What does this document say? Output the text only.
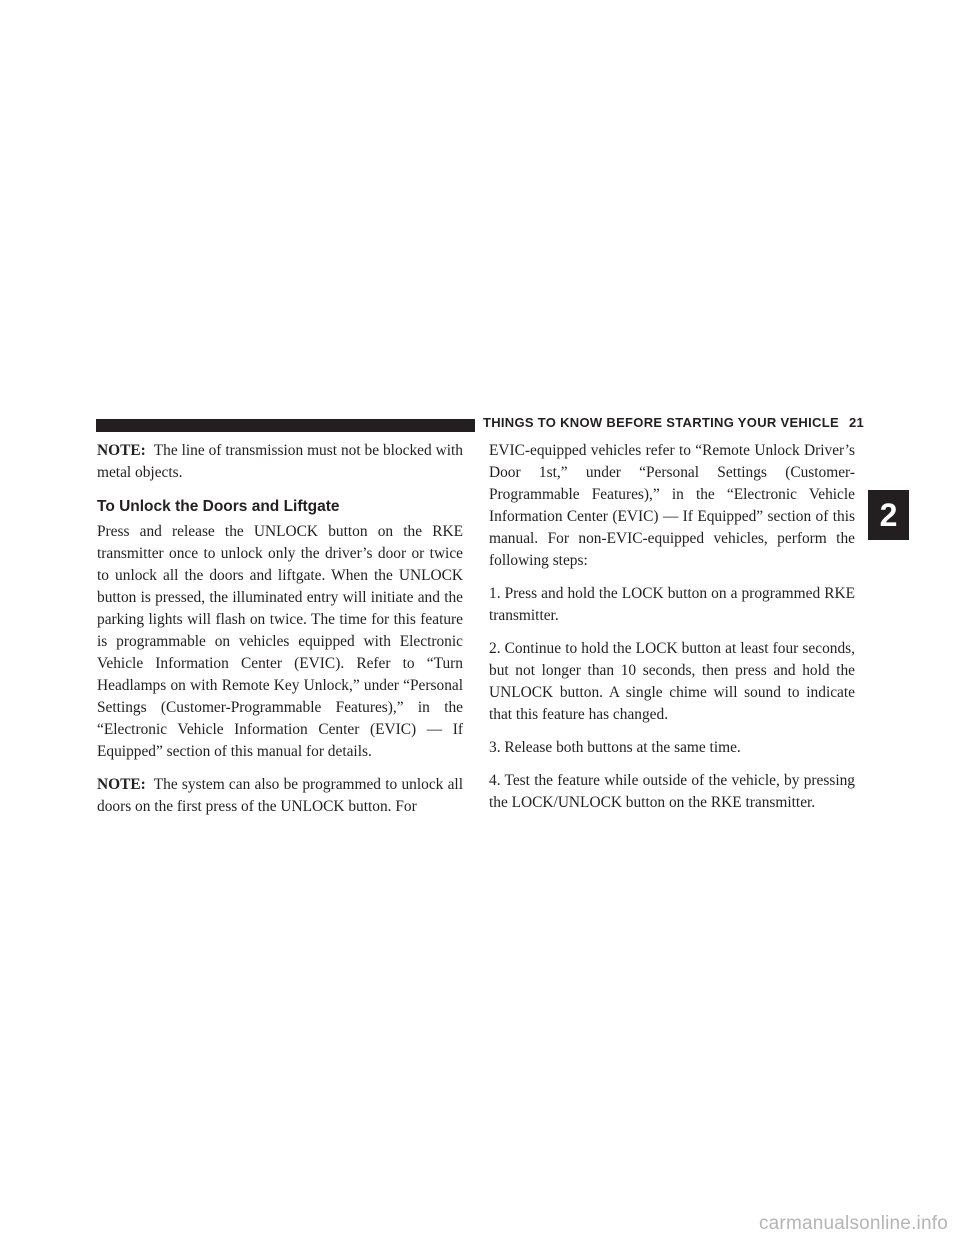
THINGS TO KNOW BEFORE STARTING YOUR VEHICLE 21
2

NOTE: The line of transmission must not be blocked with metal objects.

To Unlock the Doors and Liftgate

Press and release the UNLOCK button on the RKE transmitter once to unlock only the driver’s door or twice to unlock all the doors and liftgate. When the UNLOCK button is pressed, the illuminated entry will initiate and the parking lights will flash on twice. The time for this feature is programmable on vehicles equipped with Electronic Vehicle Information Center (EVIC). Refer to “Turn Headlamps on with Remote Key Unlock,” under “Personal Settings (Customer-Programmable Features),” in the “Electronic Vehicle Information Center (EVIC) — If Equipped” section of this manual for details.

NOTE: The system can also be programmed to unlock all doors on the first press of the UNLOCK button. For

EVIC-equipped vehicles refer to “Remote Unlock Driver’s Door 1st,” under “Personal Settings (Customer-Programmable Features),” in the “Electronic Vehicle Information Center (EVIC) — If Equipped” section of this manual. For non-EVIC-equipped vehicles, perform the following steps:

1. Press and hold the LOCK button on a programmed RKE transmitter.

2. Continue to hold the LOCK button at least four seconds, but not longer than 10 seconds, then press and hold the UNLOCK button. A single chime will sound to indicate that this feature has changed.

3. Release both buttons at the same time.

4. Test the feature while outside of the vehicle, by pressing the LOCK/UNLOCK button on the RKE transmitter.

carmanualsonline.info
